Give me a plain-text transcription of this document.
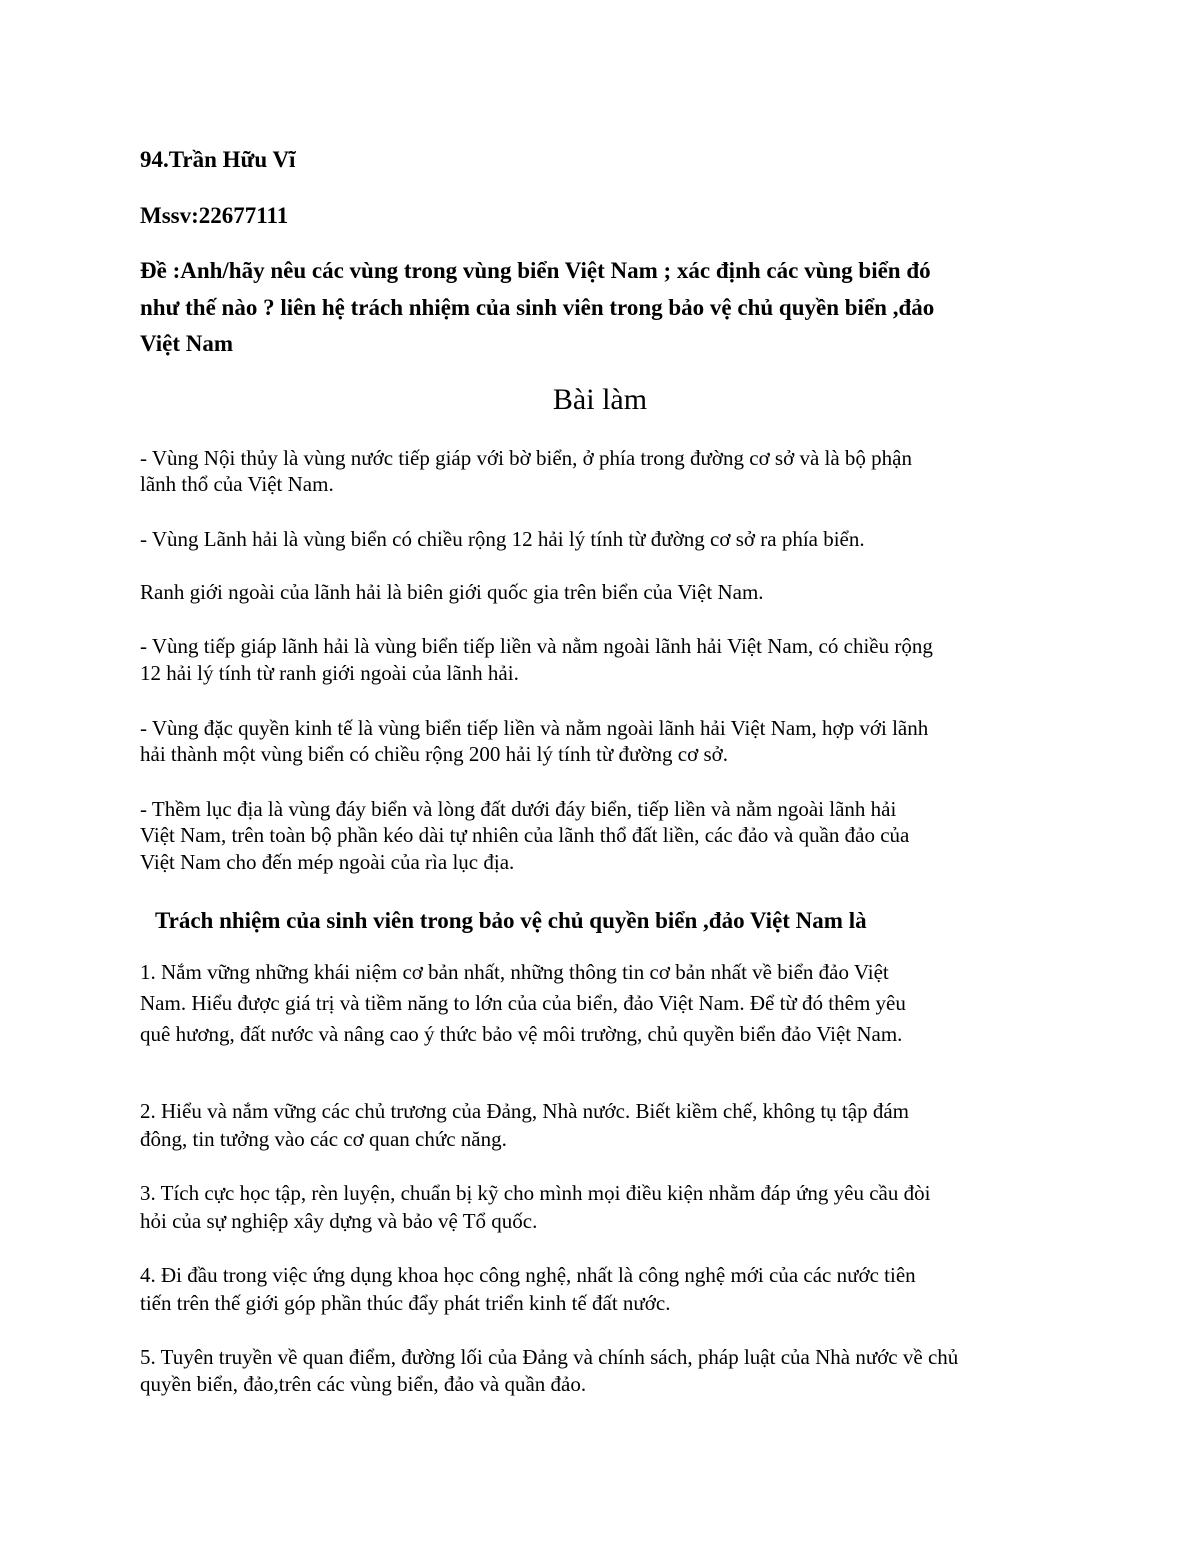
94.Trần Hữu Vĩ

Mssv:22677111

Đề :Anh/hãy nêu các vùng trong vùng biển Việt Nam ; xác định các vùng biển đó

như thế nào ? liên hệ trách nhiệm của sinh viên trong bảo vệ chủ quyền biển ,đảo

Việt Nam

Bài làm

- Vùng Nội thủy là vùng nước tiếp giáp với bờ biển, ở phía trong đường cơ sở và là bộ phận

lãnh thổ của Việt Nam.

- Vùng Lãnh hải là vùng biển có chiều rộng 12 hải lý tính từ đường cơ sở ra phía biển.

Ranh giới ngoài của lãnh hải là biên giới quốc gia trên biển của Việt Nam.

- Vùng tiếp giáp lãnh hải là vùng biển tiếp liền và nằm ngoài lãnh hải Việt Nam, có chiều rộng

12 hải lý tính từ ranh giới ngoài của lãnh hải.

- Vùng đặc quyền kinh tế là vùng biển tiếp liền và nằm ngoài lãnh hải Việt Nam, hợp với lãnh

hải thành một vùng biển có chiều rộng 200 hải lý tính từ đường cơ sở.

- Thềm lục địa là vùng đáy biển và lòng đất dưới đáy biển, tiếp liền và nằm ngoài lãnh hải

Việt Nam, trên toàn bộ phần kéo dài tự nhiên của lãnh thổ đất liền, các đảo và quần đảo của

Việt Nam cho đến mép ngoài của rìa lục địa.

Trách nhiệm của sinh viên trong bảo vệ chủ quyền biển ,đảo Việt Nam là

1. Nắm vững những khái niệm cơ bản nhất, những thông tin cơ bản nhất về biển đảo Việt

Nam. Hiểu được giá trị và tiềm năng to lớn của của biển, đảo Việt Nam. Để từ đó thêm yêu

quê hương, đất nước và nâng cao ý thức bảo vệ môi trường, chủ quyền biển đảo Việt Nam.

2. Hiểu và nắm vững các chủ trương của Đảng, Nhà nước. Biết kiềm chế, không tụ tập đám

đông, tin tưởng vào các cơ quan chức năng.

3. Tích cực học tập, rèn luyện, chuẩn bị kỹ cho mình mọi điều kiện nhằm đáp ứng yêu cầu đòi

hỏi của sự nghiệp xây dựng và bảo vệ Tổ quốc.

4. Đi đầu trong việc ứng dụng khoa học công nghệ, nhất là công nghệ mới của các nước tiên

tiến trên thế giới góp phần thúc đẩy phát triển kinh tế đất nước.

5. Tuyên truyền về quan điểm, đường lối của Đảng và chính sách, pháp luật của Nhà nước về chủ

quyền biển, đảo,trên các vùng biển, đảo và quần đảo.
